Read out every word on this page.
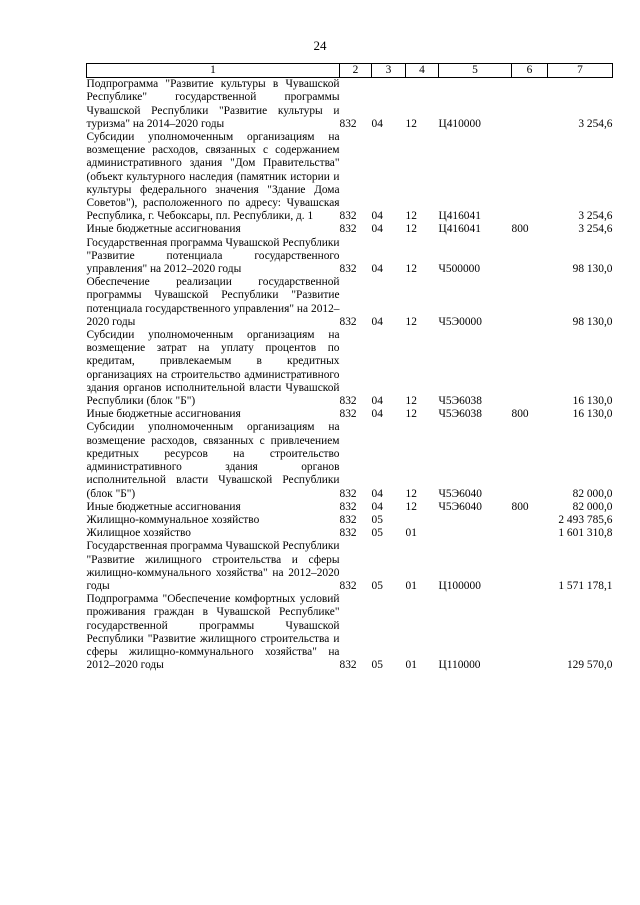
24
1	2	3	4	5	6	7
Подпрограмма "Развитие культуры в Чувашской Республике" государственной программы Чувашской Республики "Развитие культуры и туризма" на 2014–2020 годы	832	04	12	Ц410000		3 254,6
Субсидии уполномоченным организациям на возмещение расходов, связанных с содержанием административного здания "Дом Правительства" (объект культурного наследия (памятник истории и культуры федерального значения "Здание Дома Советов"), расположенного по адресу: Чувашская Республика, г. Чебоксары, пл. Республики, д. 1	832	04	12	Ц416041		3 254,6
Иные бюджетные ассигнования	832	04	12	Ц416041	800	3 254,6
Государственная программа Чувашской Республики "Развитие потенциала государственного управления" на 2012–2020 годы	832	04	12	Ч500000		98 130,0
Обеспечение реализации государственной программы Чувашской Республики "Развитие потенциала государственного управления" на 2012–2020 годы	832	04	12	Ч5Э0000		98 130,0
Субсидии уполномоченным организациям на возмещение затрат на уплату процентов по кредитам, привлекаемым в кредитных организациях на строительство административного здания органов исполнительной власти Чувашской Республики (блок "Б")	832	04	12	Ч5Э6038		16 130,0
Иные бюджетные ассигнования	832	04	12	Ч5Э6038	800	16 130,0
Субсидии уполномоченным организациям на возмещение расходов, связанных с привлечением кредитных ресурсов на строительство административного здания органов исполнительной власти Чувашской Республики (блок "Б")	832	04	12	Ч5Э6040		82 000,0
Иные бюджетные ассигнования	832	04	12	Ч5Э6040	800	82 000,0
Жилищно-коммунальное хозяйство	832	05				2 493 785,6
Жилищное хозяйство	832	05	01			1 601 310,8
Государственная программа Чувашской Республики "Развитие жилищного строительства и сферы жилищно-коммунального хозяйства" на 2012–2020 годы	832	05	01	Ц100000		1 571 178,1
Подпрограмма "Обеспечение комфортных условий проживания граждан в Чувашской Республике" государственной программы Чувашской Республики "Развитие жилищного строительства и сферы жилищно-коммунального хозяйства" на 2012–2020 годы	832	05	01	Ц110000		129 570,0
